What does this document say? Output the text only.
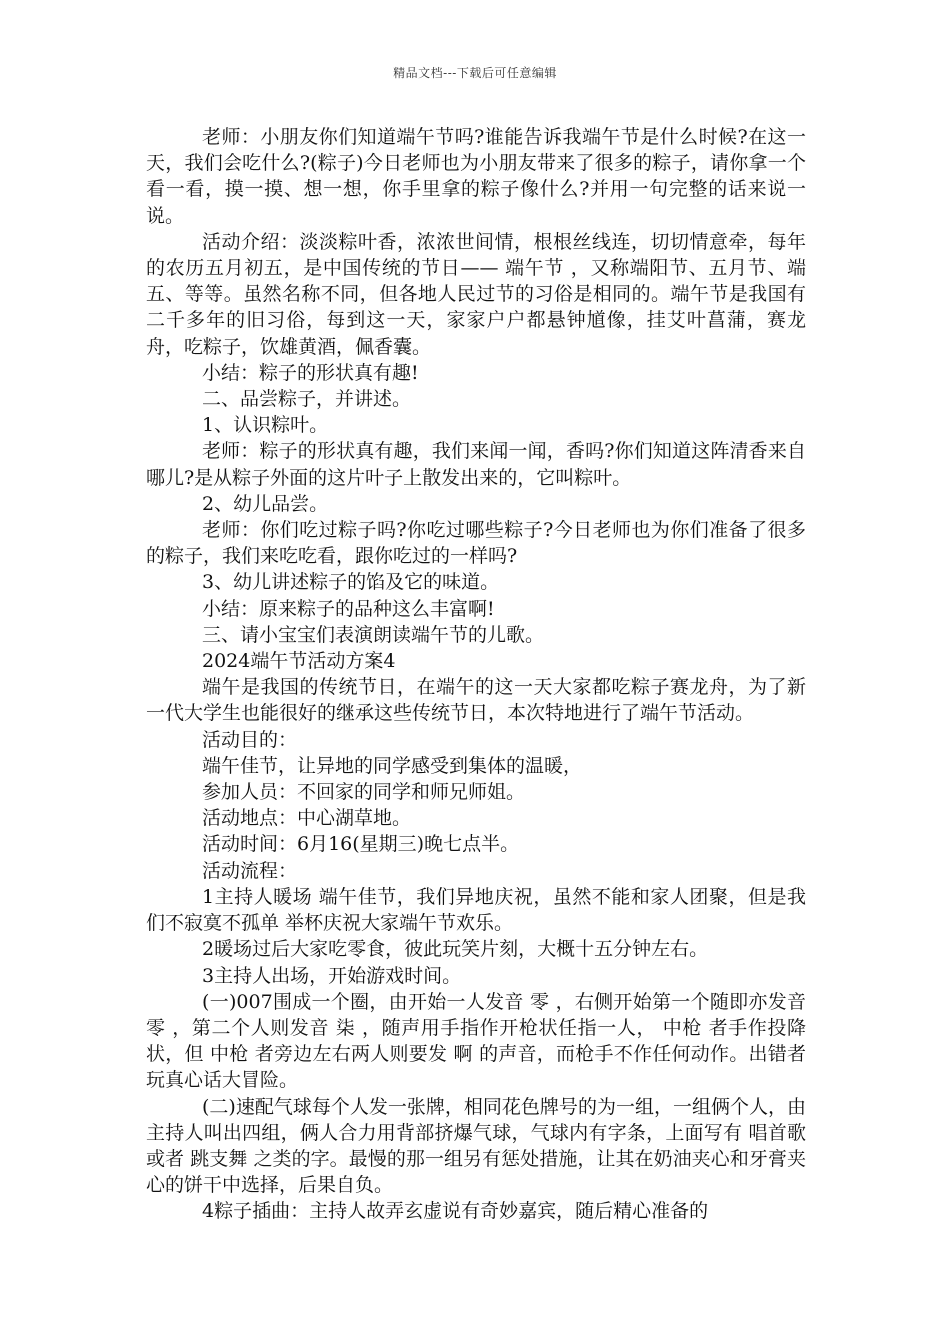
精品文档---下载后可任意编辑

老师：小朋友你们知道端午节吗?谁能告诉我端午节是什么时候?在这一天，我们会吃什么?(粽子)今日老师也为小朋友带来了很多的粽子，请你拿一个看一看，摸一摸、想一想，你手里拿的粽子像什么?并用一句完整的话来说一说。

活动介绍：淡淡粽叶香，浓浓世间情，根根丝线连，切切情意牵，每年的农历五月初五，是中国传统的节日—— 端午节 ，又称端阳节、五月节、端五、等等。虽然名称不同，但各地人民过节的习俗是相同的。端午节是我国有二千多年的旧习俗，每到这一天，家家户户都悬钟馗像，挂艾叶菖蒲，赛龙舟，吃粽子，饮雄黄酒，佩香囊。

小结：粽子的形状真有趣!

二、品尝粽子，并讲述。

1、认识粽叶。

老师：粽子的形状真有趣，我们来闻一闻，香吗?你们知道这阵清香来自哪儿?是从粽子外面的这片叶子上散发出来的，它叫粽叶。

2、幼儿品尝。

老师：你们吃过粽子吗?你吃过哪些粽子?今日老师也为你们准备了很多的粽子，我们来吃吃看，跟你吃过的一样吗?

3、幼儿讲述粽子的馅及它的味道。

小结：原来粽子的品种这么丰富啊!

三、请小宝宝们表演朗读端午节的儿歌。

2024端午节活动方案4

端午是我国的传统节日，在端午的这一天大家都吃粽子赛龙舟，为了新一代大学生也能很好的继承这些传统节日，本次特地进行了端午节活动。

活动目的：

端午佳节，让异地的同学感受到集体的温暖，

参加人员：不回家的同学和师兄师姐。

活动地点：中心湖草地。

活动时间：6月16(星期三)晚七点半。

活动流程：

1主持人暖场 端午佳节，我们异地庆祝，虽然不能和家人团聚，但是我们不寂寞不孤单 举杯庆祝大家端午节欢乐。

2暖场过后大家吃零食，彼此玩笑片刻，大概十五分钟左右。

3主持人出场，开始游戏时间。

(一)007围成一个圈，由开始一人发音 零 ，右侧开始第一个随即亦发音 零 ，第二个人则发音 柒 ，随声用手指作开枪状任指一人， 中枪 者手作投降状，但 中枪 者旁边左右两人则要发 啊 的声音，而枪手不作任何动作。出错者玩真心话大冒险。

(二)速配气球每个人发一张牌，相同花色牌号的为一组，一组俩个人，由主持人叫出四组，俩人合力用背部挤爆气球，气球内有字条，上面写有 唱首歌 或者 跳支舞 之类的字。最慢的那一组另有惩处措施，让其在奶油夹心和牙膏夹心的饼干中选择，后果自负。

4粽子插曲：主持人故弄玄虚说有奇妙嘉宾，随后精心准备的
